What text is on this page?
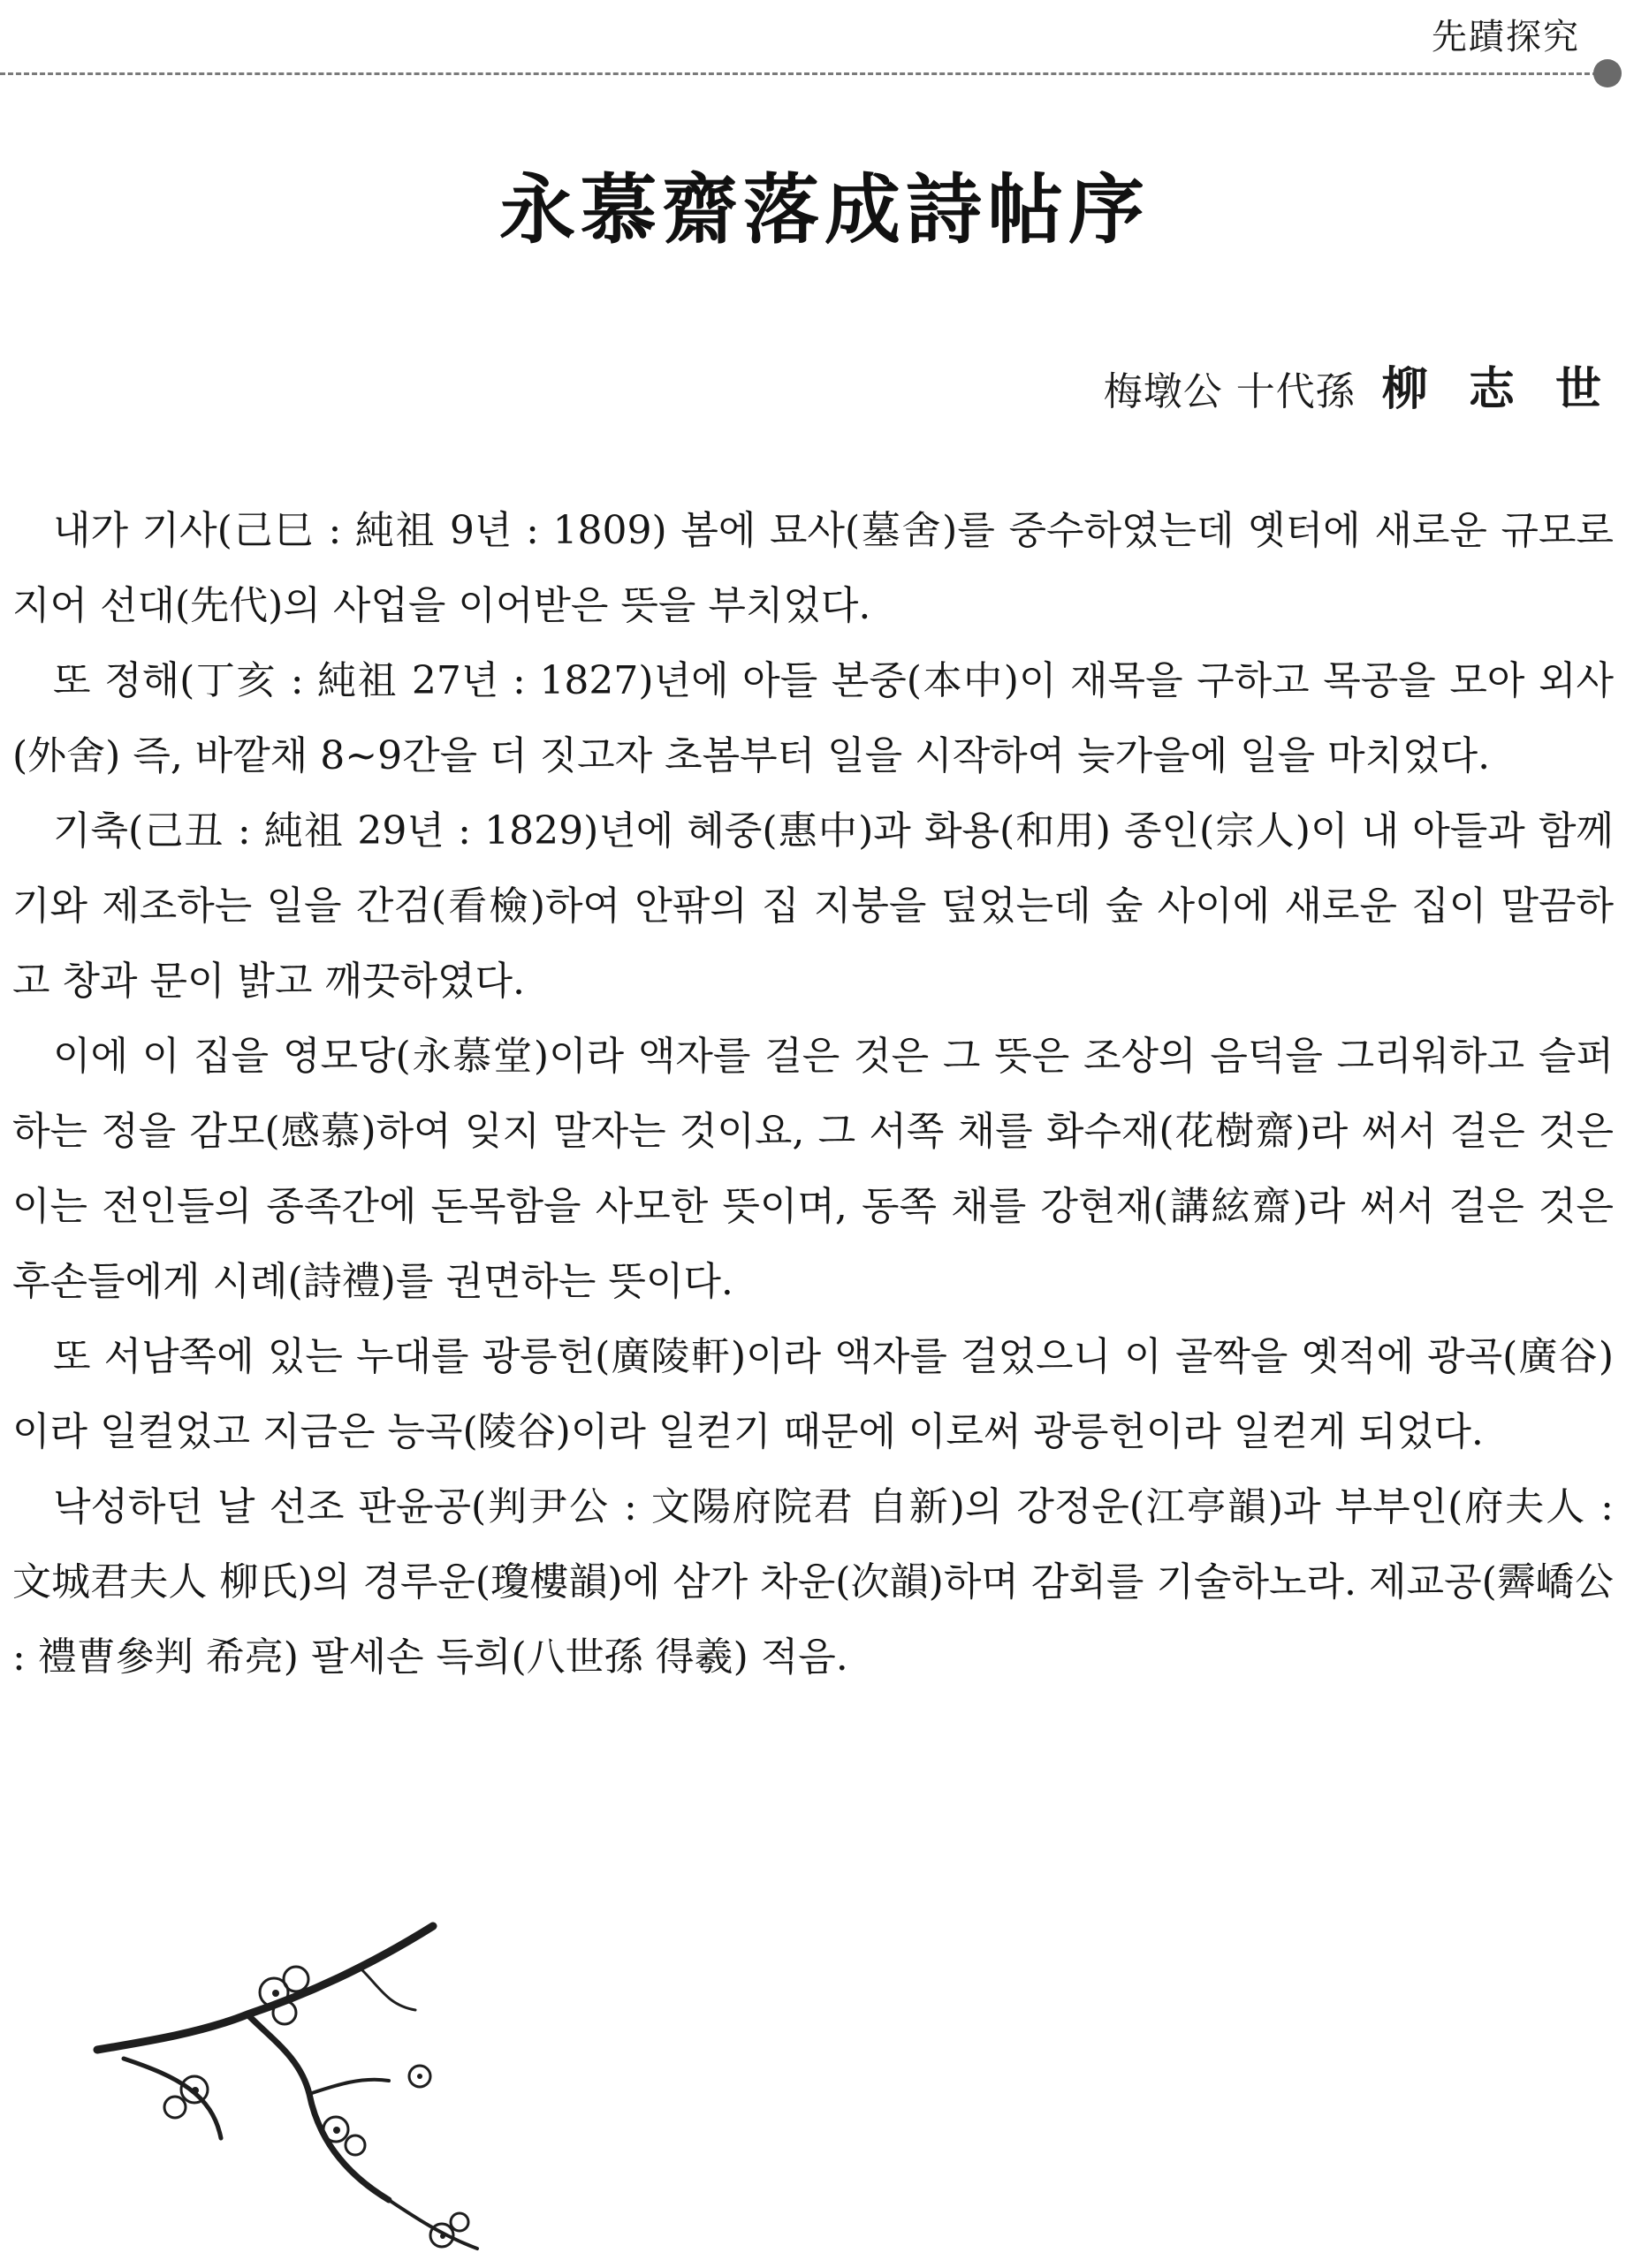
先蹟探究
永慕齋落成詩帖序
梅墩公 十代孫 柳 志 世

내가 기사(己巳 : 純祖 9년 : 1809) 봄에 묘사(墓舍)를 중수하였는데 옛터에 새로운 규모로 지어 선대(先代)의 사업을 이어받은 뜻을 부치었다.

또 정해(丁亥 : 純祖 27년 : 1827)년에 아들 본중(本中)이 재목을 구하고 목공을 모아 외사(外舍) 즉, 바깥채 8~9간을 더 짓고자 초봄부터 일을 시작하여 늦가을에 일을 마치었다.

기축(己丑 : 純祖 29년 : 1829)년에 혜중(惠中)과 화용(和用) 종인(宗人)이 내 아들과 함께 기와 제조하는 일을 간검(看檢)하여 안팎의 집 지붕을 덮었는데 숲 사이에 새로운 집이 말끔하고 창과 문이 밝고 깨끗하였다.

이에 이 집을 영모당(永慕堂)이라 액자를 걸은 것은 그 뜻은 조상의 음덕을 그리워하고 슬퍼하는 정을 감모(感慕)하여 잊지 말자는 것이요, 그 서쪽 채를 화수재(花樹齋)라 써서 걸은 것은 이는 전인들의 종족간에 돈목함을 사모한 뜻이며, 동쪽 채를 강현재(講絃齋)라 써서 걸은 것은 후손들에게 시례(詩禮)를 권면하는 뜻이다.

또 서남쪽에 있는 누대를 광릉헌(廣陵軒)이라 액자를 걸었으니 이 골짝을 옛적에 광곡(廣谷)이라 일컬었고 지금은 능곡(陵谷)이라 일컫기 때문에 이로써 광릉헌이라 일컫게 되었다.

낙성하던 날 선조 판윤공(判尹公 : 文陽府院君 自新)의 강정운(江亭韻)과 부부인(府夫人 : 文城君夫人 柳氏)의 경루운(瓊樓韻)에 삼가 차운(次韻)하며 감회를 기술하노라. 제교공(霽嶠公 : 禮曹參判 希亮) 팔세손 득희(八世孫 得羲) 적음.
